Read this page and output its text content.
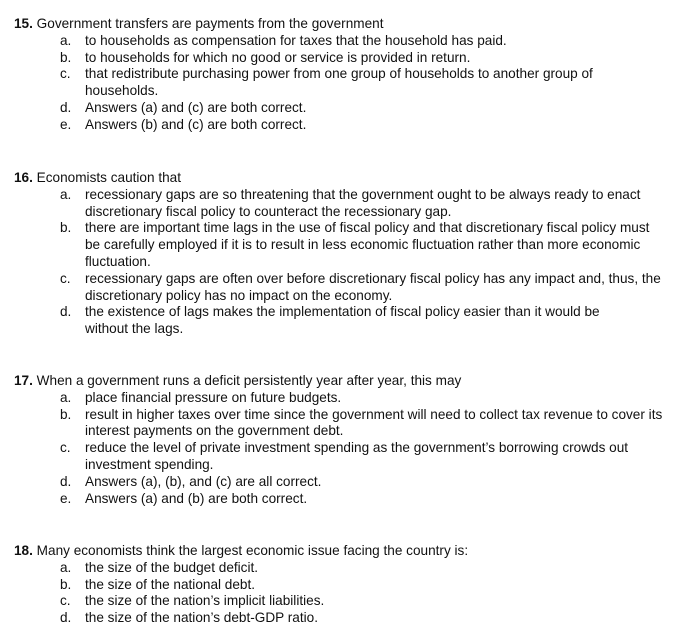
15. Government transfers are payments from the government

a.	to households as compensation for taxes that the household has paid.
b.	to households for which no good or service is provided in return.
c.	that redistribute purchasing power from one group of households to another group of households.
d.	Answers (a) and (c) are both correct.
e.	Answers (b) and (c) are both correct.

16. Economists caution that

a.	recessionary gaps are so threatening that the government ought to be always ready to enact discretionary fiscal policy to counteract the recessionary gap.
b.	there are important time lags in the use of fiscal policy and that discretionary fiscal policy must be carefully employed if it is to result in less economic fluctuation rather than more economic fluctuation.
c.	recessionary gaps are often over before discretionary fiscal policy has any impact and, thus, the discretionary policy has no impact on the economy.
d.	the existence of lags makes the implementation of fiscal policy easier than it would be without the lags.

17. When a government runs a deficit persistently year after year, this may

a.	place financial pressure on future budgets.
b.	result in higher taxes over time since the government will need to collect tax revenue to cover its interest payments on the government debt.
c.	reduce the level of private investment spending as the government’s borrowing crowds out investment spending.
d.	Answers (a), (b), and (c) are all correct.
e.	Answers (a) and (b) are both correct.

18. Many economists think the largest economic issue facing the country is:

a.	the size of the budget deficit.
b.	the size of the national debt.
c.	the size of the nation’s implicit liabilities.
d.	the size of the nation’s debt-GDP ratio.
